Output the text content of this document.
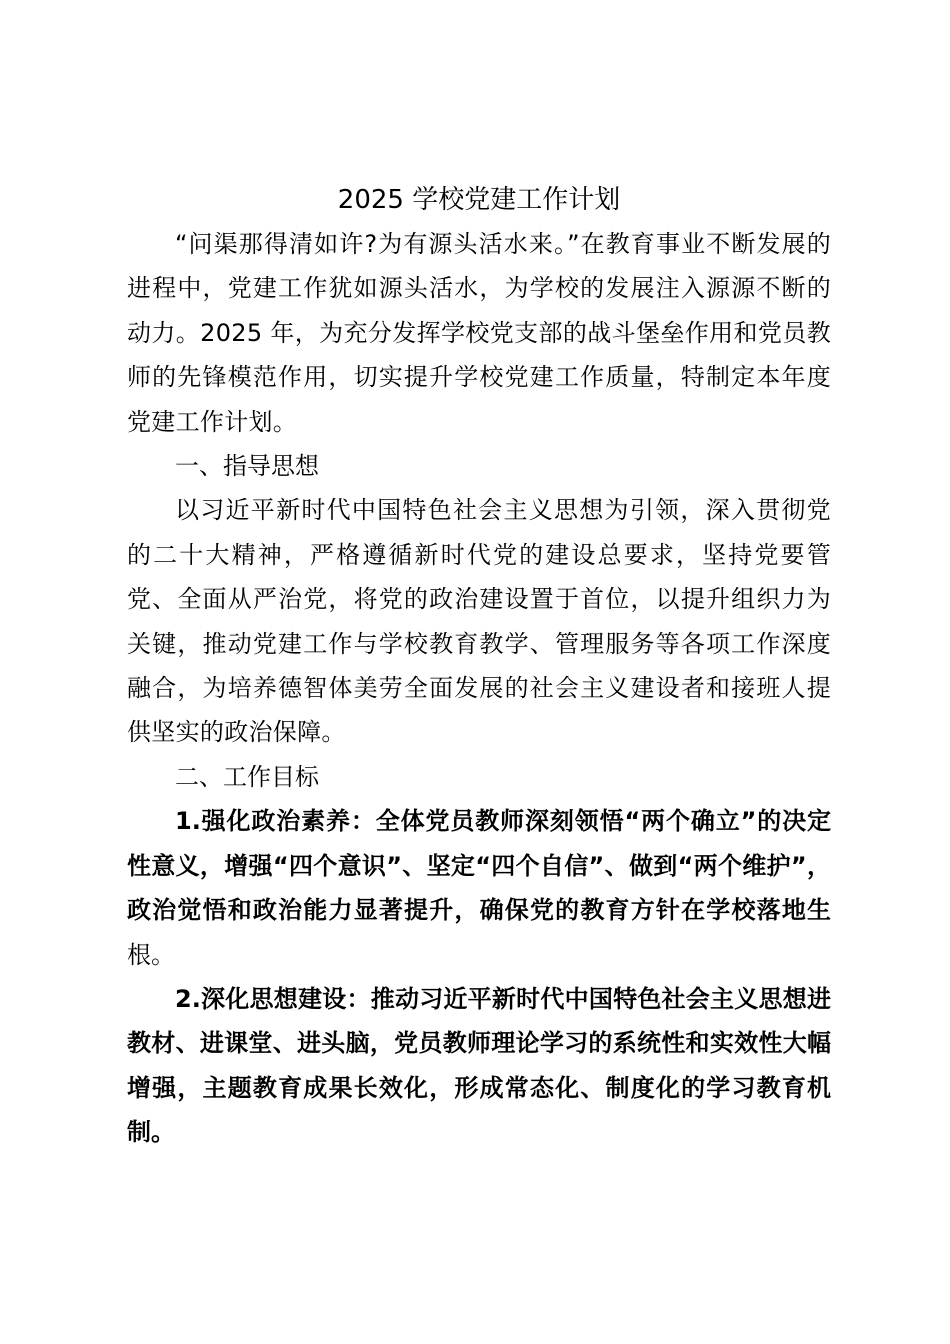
2025 学校党建工作计划

“问渠那得清如许?为有源头活水来。”在教育事业不断发展的进程中，党建工作犹如源头活水，为学校的发展注入源源不断的动力。2025 年，为充分发挥学校党支部的战斗堡垒作用和党员教师的先锋模范作用，切实提升学校党建工作质量，特制定本年度党建工作计划。

一、指导思想

以习近平新时代中国特色社会主义思想为引领，深入贯彻党的二十大精神，严格遵循新时代党的建设总要求，坚持党要管党、全面从严治党，将党的政治建设置于首位，以提升组织力为关键，推动党建工作与学校教育教学、管理服务等各项工作深度融合，为培养德智体美劳全面发展的社会主义建设者和接班人提供坚实的政治保障。

二、工作目标

1.强化政治素养：全体党员教师深刻领悟“两个确立”的决定性意义，增强“四个意识”、坚定“四个自信”、做到“两个维护”，政治觉悟和政治能力显著提升，确保党的教育方针在学校落地生根。

2.深化思想建设：推动习近平新时代中国特色社会主义思想进教材、进课堂、进头脑，党员教师理论学习的系统性和实效性大幅增强，主题教育成果长效化，形成常态化、制度化的学习教育机制。
